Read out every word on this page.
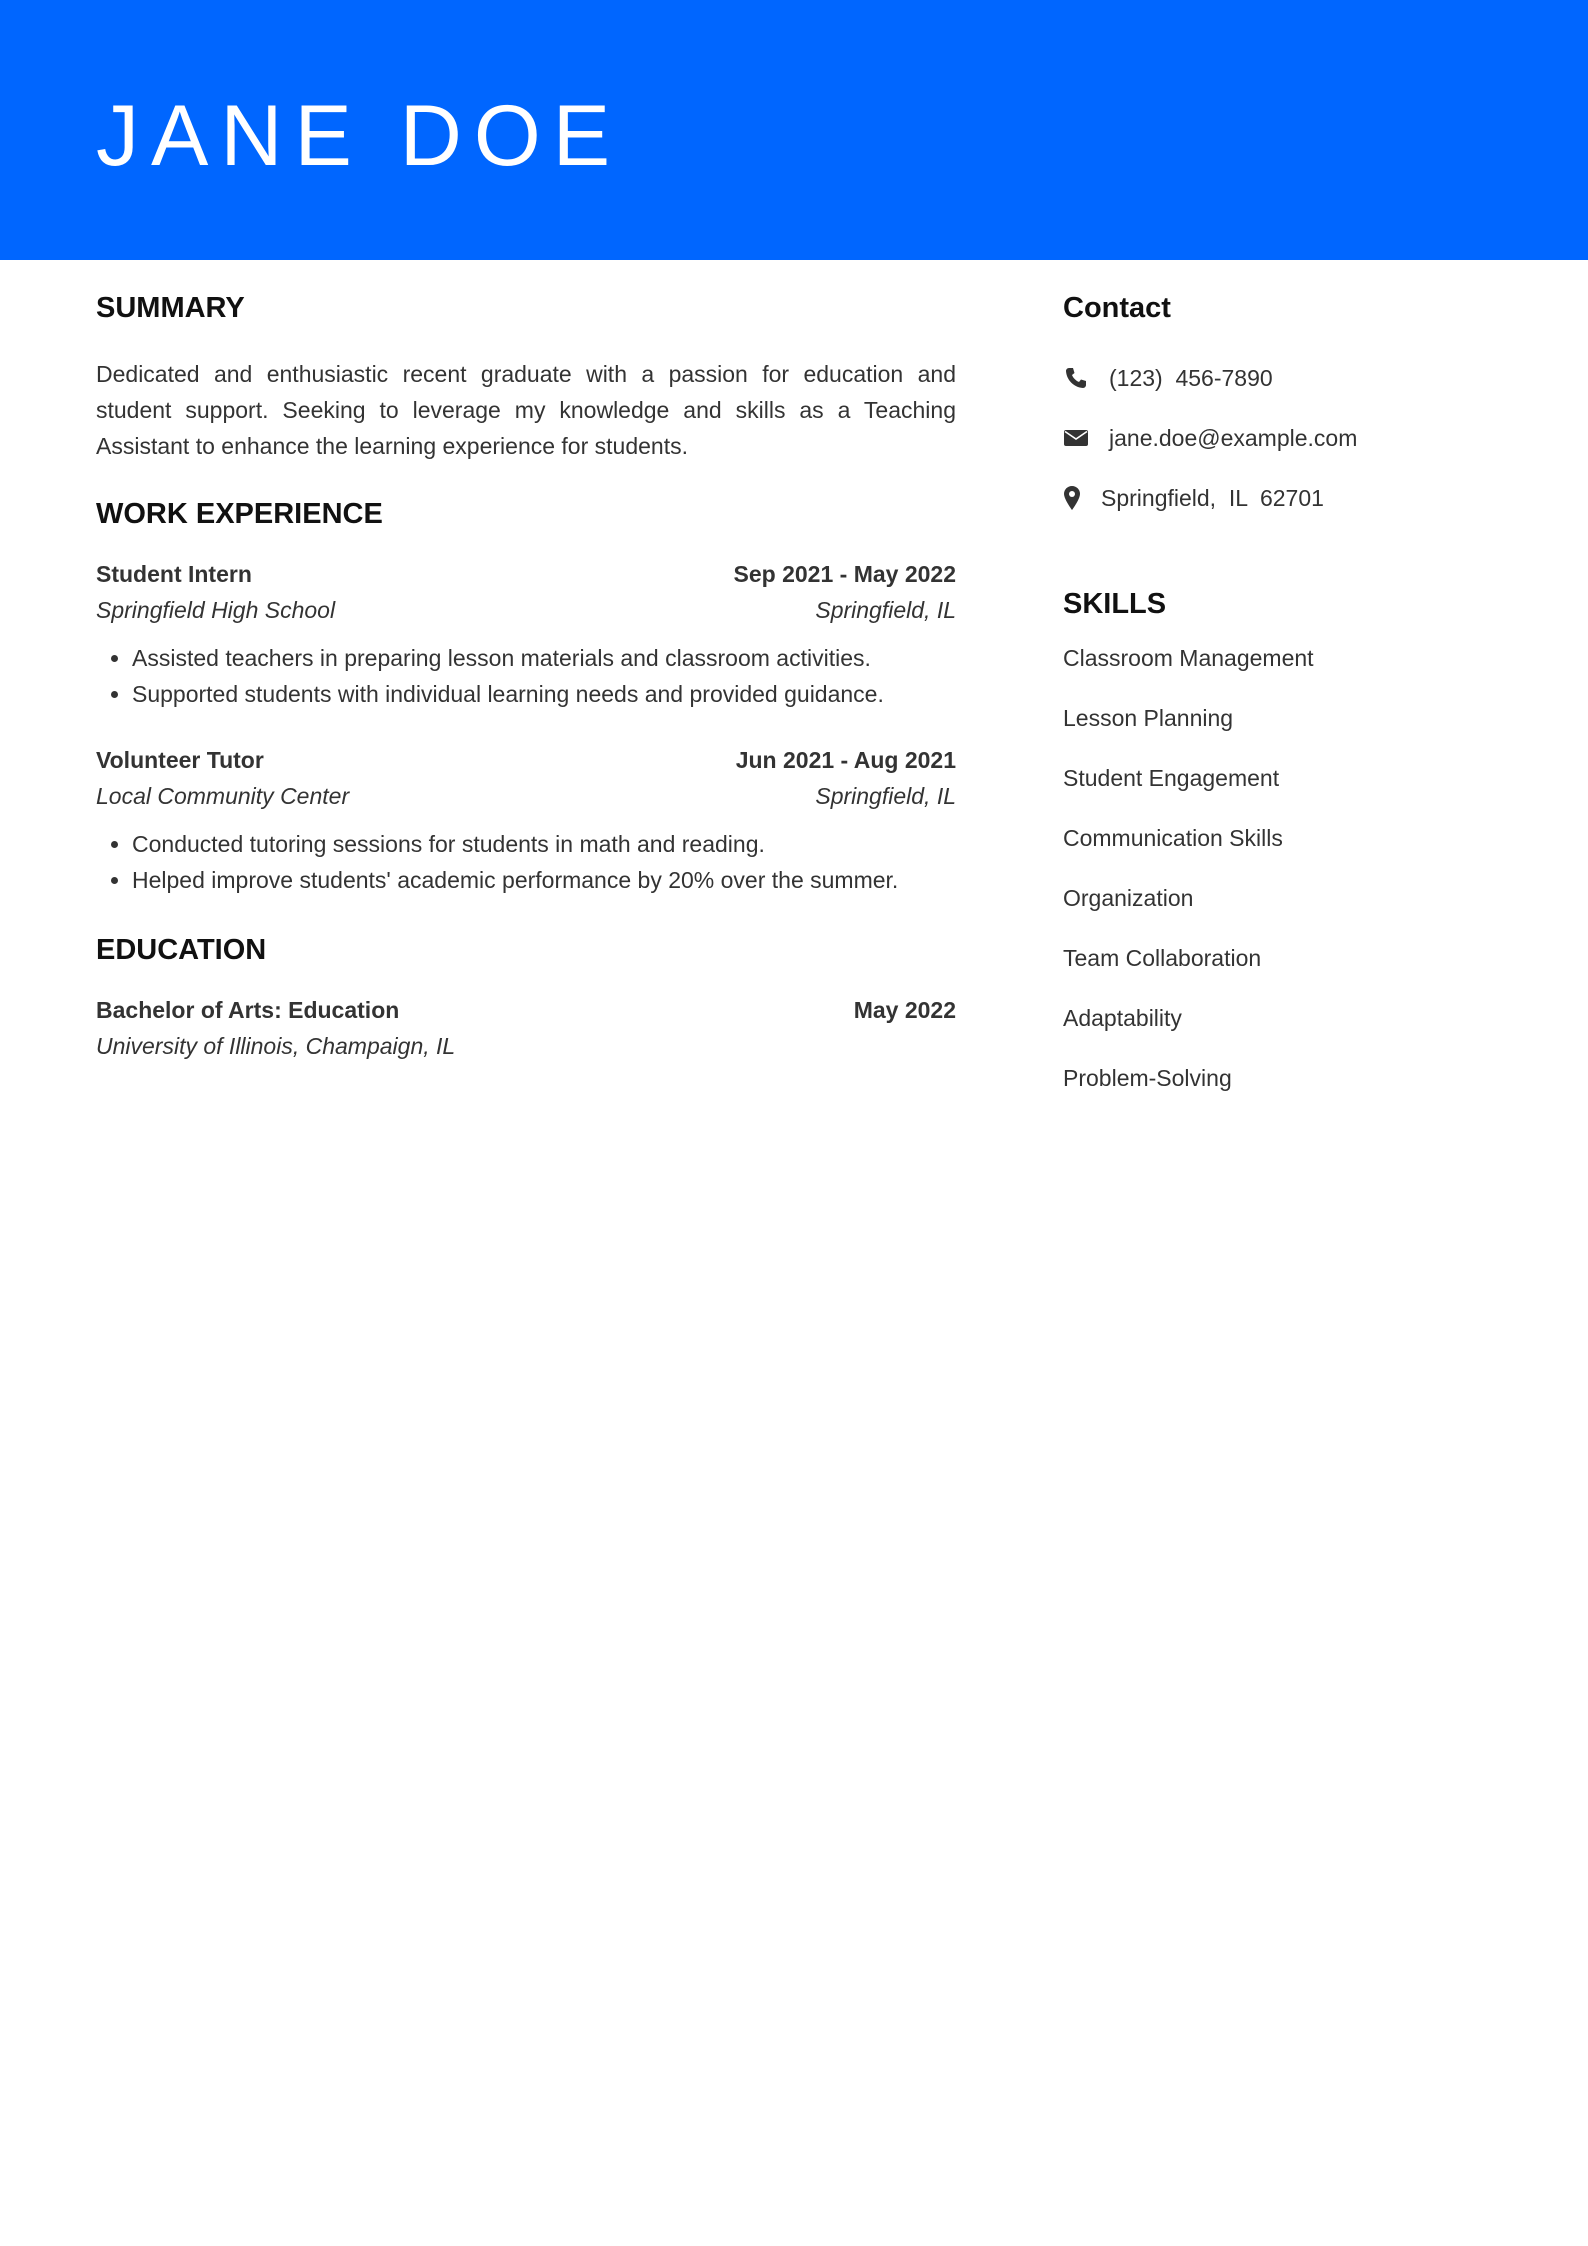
JANE DOE
SUMMARY
Dedicated and enthusiastic recent graduate with a passion for education and student support. Seeking to leverage my knowledge and skills as a Teaching Assistant to enhance the learning experience for students.
WORK EXPERIENCE
Student Intern	Sep 2021 - May 2022
Springfield High School	Springfield, IL
• Assisted teachers in preparing lesson materials and classroom activities.
• Supported students with individual learning needs and provided guidance.
Volunteer Tutor	Jun 2021 - Aug 2021
Local Community Center	Springfield, IL
• Conducted tutoring sessions for students in math and reading.
• Helped improve students' academic performance by 20% over the summer.
EDUCATION
Bachelor of Arts: Education	May 2022
University of Illinois, Champaign, IL
Contact
(123)  456-7890
jane.doe@example.com
Springfield,  IL  62701
SKILLS
Classroom Management
Lesson Planning
Student Engagement
Communication Skills
Organization
Team Collaboration
Adaptability
Problem-Solving
